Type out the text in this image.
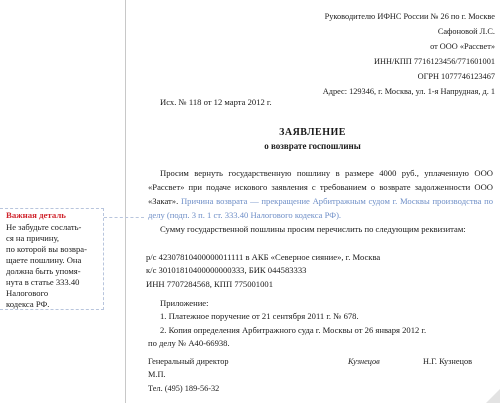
Руководителю ИФНС России № 26 по г. Москве
Сафоновой Л.С.
от ООО «Рассвет»
ИНН/КПП 7716123456/771601001
ОГРН 1077746123467
Адрес: 129346, г. Москва, ул. 1-я Напрудная, д. 1
Исх. № 118 от 12 марта 2012 г.
ЗАЯВЛЕНИЕ
о возврате госпошлины

Просим вернуть государственную пошлину в размере 4000 руб., уплаченную ООО «Рассвет» при подаче искового заявления с требованием о возврате задолженности ООО «Закат». Причина возврата — прекращение Арбитражным судом г. Москвы производства по делу (подп. 3 п. 1 ст. 333.40 Налогового кодекса РФ).

Сумму государственной пошлины просим перечислить по следующим реквизитам:

р/с 42307810400000011111 в АКБ «Северное сияние», г. Москва
к/с 30101810400000000333, БИК 044583333
ИНН 7707284568, КПП 775001001
Приложение:
1. Платежное поручение от 21 сентября 2011 г. № 678.
2. Копия определения Арбитражного суда г. Москвы от 26 января 2012 г.
по делу № А40-66938.
Генеральный директор	Кузнецов	Н.Г. Кузнецов
М.П.
Тел. (495) 189-56-32
Важная деталь
Не забудьте сослать-
ся на причину,
по которой вы возвра-
щаете пошлину. Она
должна быть упомя-
нута в статье 333.40
Налогового
кодекса РФ.
